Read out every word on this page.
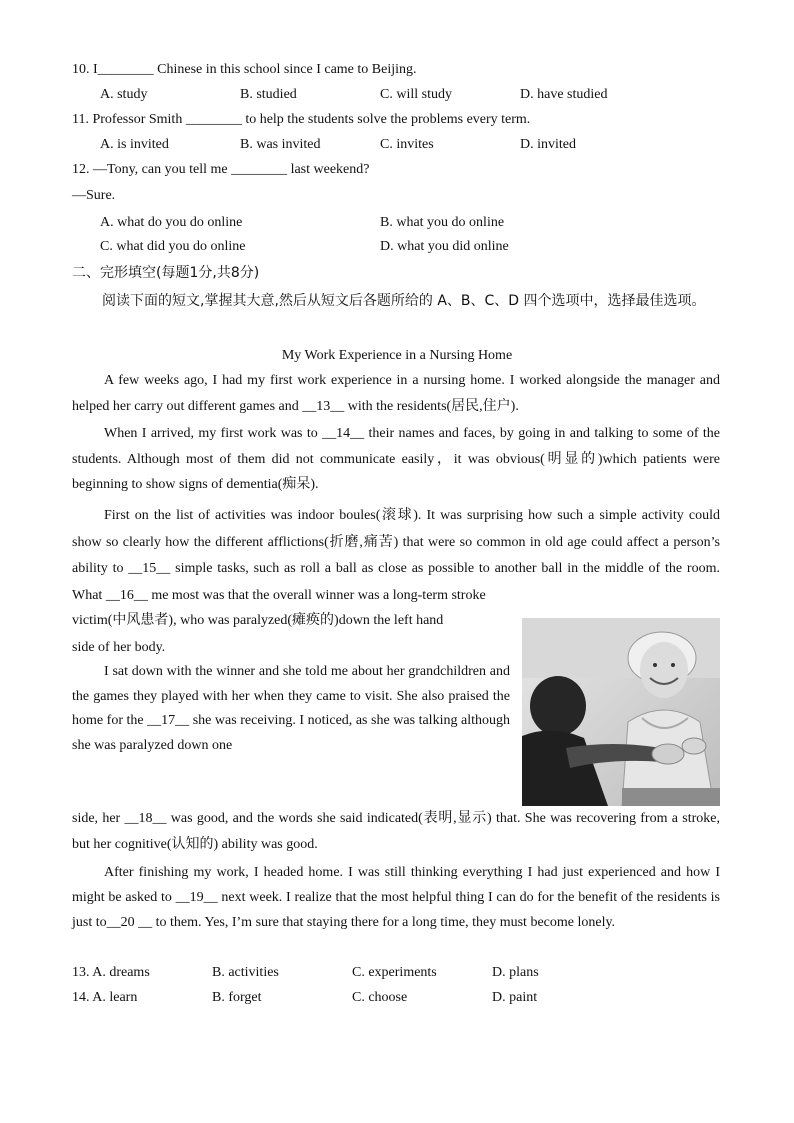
10. I________ Chinese in this school since I came to Beijing.
A. study	B. studied	C. will study	D. have studied
11. Professor Smith ________ to help the students solve the problems every term.
A. is invited	B. was invited	C. invites	D. invited
12. —Tony, can you tell me ________ last weekend?
—Sure.
A. what do you do online	B. what you do online
C. what did you do online	D. what you did online
二、完形填空(每题1分,共8分)
阅读下面的短文,掌握其大意,然后从短文后各题所给的 A、B、C、D 四个选项中，选择最佳选项。
My Work Experience in a Nursing Home
A few weeks ago, I had my first work experience in a nursing home. I worked alongside the manager and helped her carry out different games and __13__ with the residents(居民,住户).
When I arrived, my first work was to __14__ their names and faces, by going in and talking to some of the students. Although most of them did not communicate easily，it was obvious(明显的)which patients were beginning to show signs of dementia(痴呆).
First on the list of activities was indoor boules(滚球). It was surprising how such a simple activity could show so clearly how the different afflictions(折磨,痛苦) that were so common in old age could affect a person’s ability to __15__ simple tasks, such as roll a ball as close as possible to another ball in the middle of the room. What __16__ me most was that the overall winner was a long-term stroke
victim(中风患者), who was paralyzed(瘫痪的)down the left hand
side of her body.
I sat down with the winner and she told me about her grandchildren and the games they played with her when they came to visit. She also praised the home for the __17__ she was receiving. I noticed, as she was talking although she was paralyzed down one
side, her __18__ was good, and the words she said indicated(表明,显示) that. She was recovering from a stroke, but her cognitive(认知的) ability was good.
After finishing my work, I headed home. I was still thinking everything I had just experienced and how I might be asked to __19__ next week. I realize that the most helpful thing I can do for the benefit of the residents is just to__20 __ to them. Yes, I’m sure that staying there for a long time, they must become lonely.
13. A. dreams	B. activities	C. experiments	D. plans
14. A. learn	B. forget	C. choose	D. paint
